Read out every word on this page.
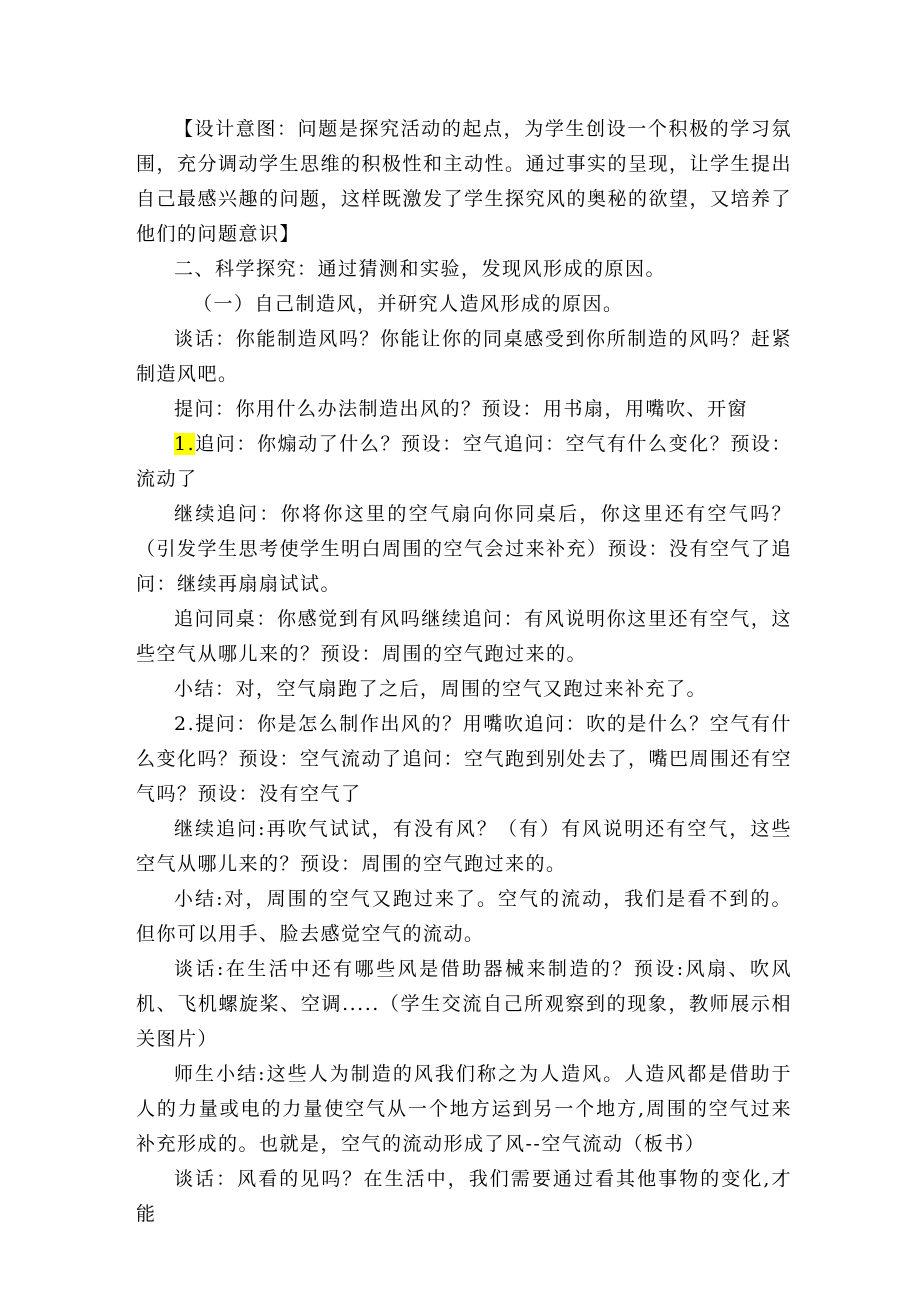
【设计意图：问题是探究活动的起点，为学生创设一个积极的学习氛围，充分调动学生思维的积极性和主动性。通过事实的呈现，让学生提出自己最感兴趣的问题，这样既激发了学生探究风的奥秘的欲望，又培养了他们的问题意识】

二、科学探究：通过猜测和实验，发现风形成的原因。

（一）自己制造风，并研究人造风形成的原因。

谈话：你能制造风吗？你能让你的同桌感受到你所制造的风吗？赶紧制造风吧。

提问：你用什么办法制造出风的？预设：用书扇，用嘴吹、开窗

1.追问：你煽动了什么？预设：空气追问：空气有什么变化？预设：流动了

继续追问：你将你这里的空气扇向你同桌后，你这里还有空气吗？（引发学生思考使学生明白周围的空气会过来补充）预设：没有空气了追问：继续再扇扇试试。

追问同桌：你感觉到有风吗继续追问：有风说明你这里还有空气，这些空气从哪儿来的？预设：周围的空气跑过来的。

小结：对，空气扇跑了之后，周围的空气又跑过来补充了。

2.提问：你是怎么制作出风的？用嘴吹追问：吹的是什么？空气有什么变化吗？预设：空气流动了追问：空气跑到别处去了，嘴巴周围还有空气吗？预设：没有空气了

继续追问:再吹气试试，有没有风？（有）有风说明还有空气，这些空气从哪儿来的？预设：周围的空气跑过来的。

小结:对，周围的空气又跑过来了。空气的流动，我们是看不到的。但你可以用手、脸去感觉空气的流动。

谈话:在生活中还有哪些风是借助器械来制造的？预设:风扇、吹风机、飞机螺旋桨、空调.....（学生交流自己所观察到的现象，教师展示相关图片）

师生小结:这些人为制造的风我们称之为人造风。人造风都是借助于人的力量或电的力量使空气从一个地方运到另一个地方,周围的空气过来补充形成的。也就是，空气的流动形成了风--空气流动（板书）

谈话：风看的见吗？在生活中，我们需要通过看其他事物的变化,才能
